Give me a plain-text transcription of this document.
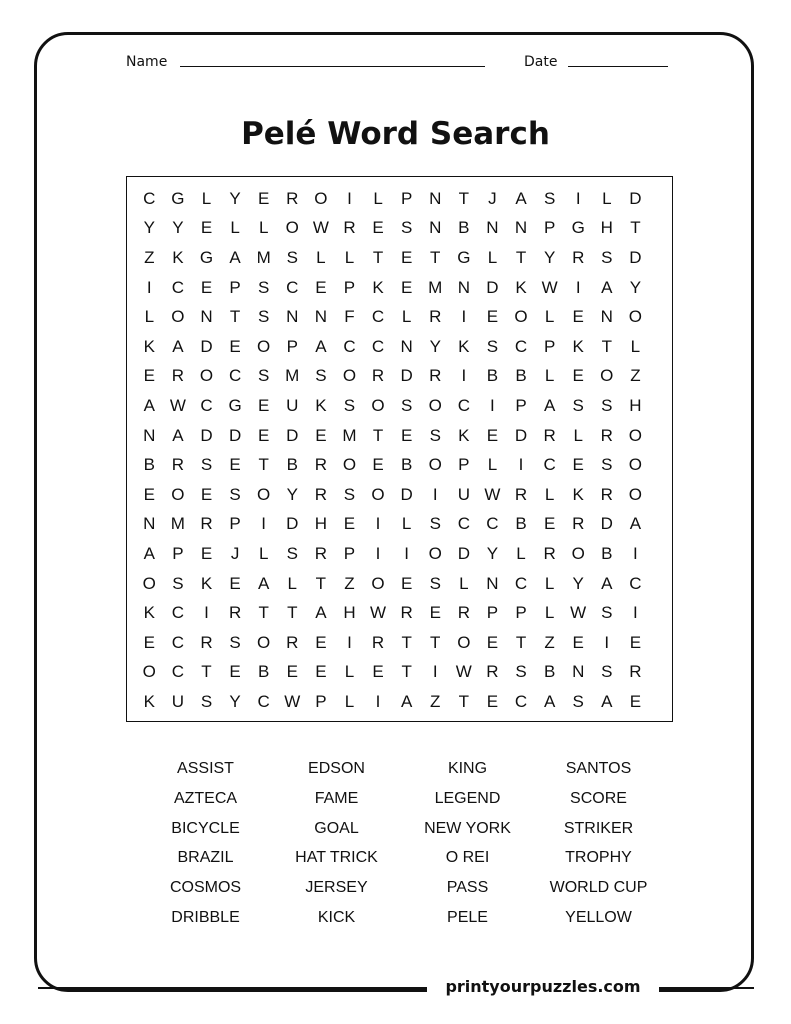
Name	Date
Pelé Word Search
C G	L	Y	E R O	I	L	P N	T	J	A	S	I	L	D
Y	Y	E	L	L	O W R E	S N B N N P G H	T
Z	K G A M S	L	L	T	E	T G	L	T	Y R S D
I	C E	P	S C E	P	K	E M N D K W	I	A	Y
L	O N	T	S N N	F	C	L	R	I	E O	L	E N O
K	A D E O P	A C C N Y	K	S C P	K	T	L
E R O C S M S O R D R	I	B	B	L	E O Z
A W C G E U K	S O S O C	I	P	A	S	S H
N A D D E D E M T	E	S	K	E D R	L	R O
B R S	E	T	B R O E	B O P	L	I	C E	S O
E O E	S O Y R S O D	I	U W R	L	K R O
N M R P	I	D H E	I	L	S C C B	E R D A
A	P	E	J	L	S R P	I	I	O D Y	L	R O B	I
O S	K	E	A	L	T	Z O E	S	L	N C	L	Y	A C
K C	I	R	T	T	A H W R E R P	P	L W S	I
E C R S O R E	I	R	T	T O E	T	Z	E	I	E
O C	T	E	B	E	E	L	E	T	I	W R S	B N S R
K U S	Y C W P	L	I	A	Z	T	E C A	S	A	E
ASSIST	EDSON	KING	SANTOS
AZTECA	FAME	LEGEND	SCORE
BICYCLE	GOAL	NEW YORK	STRIKER
BRAZIL	HAT TRICK	O REI	TROPHY
COSMOS	JERSEY	PASS	WORLD CUP
DRIBBLE	KICK	PELE	YELLOW
printyourpuzzles.com
